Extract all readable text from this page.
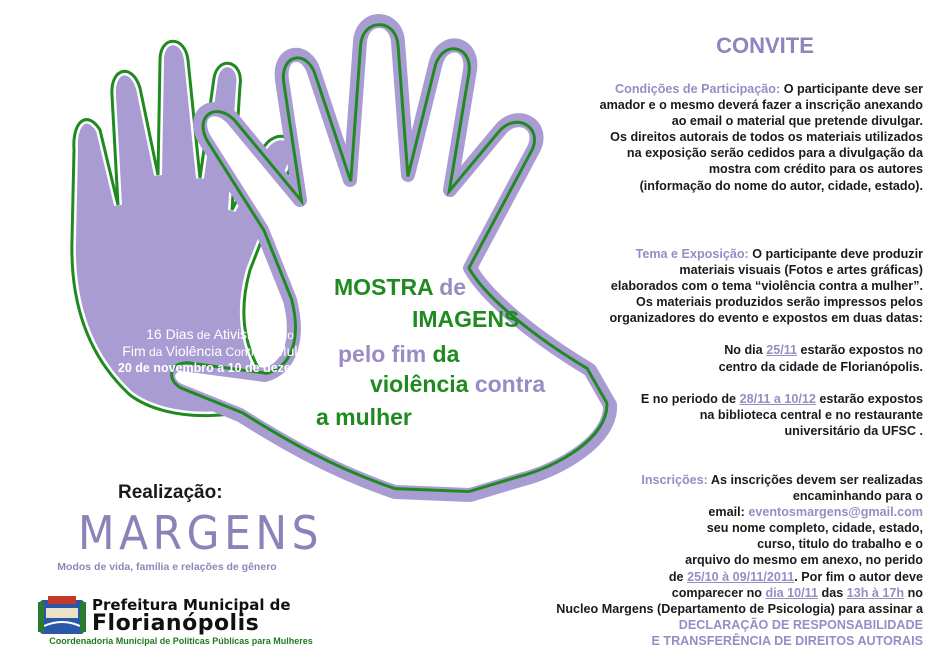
16 Dias de Ativismo Pelo
Fim da Violência Contra a Mulher
20 de novembro a 10 de dezembro
MOSTRA de
IMAGENS
pelo fim da
violência contra
a mulher
CONVITE
Condições de Participação: O participante deve ser
amador e o mesmo deverá fazer a inscrição anexando
ao email o material que pretende divulgar.
Os direitos autorais de todos os materiais utilizados
na exposição serão cedidos para a divulgação da
mostra com crédito para os autores
(informação do nome do autor, cidade, estado).
Tema e Exposição: O participante deve produzir
materiais visuais (Fotos e artes gráficas)
elaborados com o tema “violência contra a mulher”.
Os materiais produzidos serão impressos pelos
organizadores do evento e expostos em duas datas:
No dia 25/11 estarão expostos no
centro da cidade de Florianópolis.
E no periodo de 28/11 a 10/12 estarão expostos
na biblioteca central e no restaurante
universitário da UFSC .
Inscrições: As inscrições devem ser realizadas
encaminhando para o
email: eventosmargens@gmail.com
seu nome completo, cidade, estado,
curso, titulo do trabalho e o
arquivo do mesmo em anexo, no perido
de 25/10 à 09/11/2011. Por fim o autor deve
comparecer no dia 10/11 das 13h à 17h no
Nucleo Margens (Departamento de Psicologia) para assinar a
DECLARAÇÃO DE RESPONSABILIDADE
E TRANSFERÊNCIA DE DIREITOS AUTORAIS
Realização:
MARGENS
Modos de vida, família e relações de gênero
Prefeitura Municipal de
Florianópolis
Coordenadoria Municipal de Politicas Públicas para Mulheres
